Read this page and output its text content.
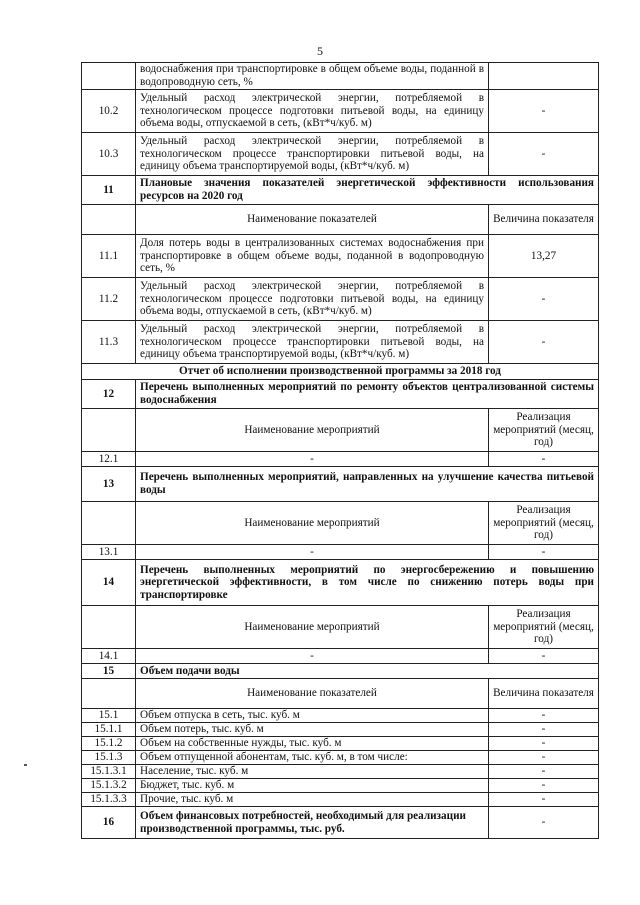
5
	водоснабжения при транспортировке в общем объеме воды, поданной в водопроводную сеть, %	
10.2	Удельный расход электрической энергии, потребляемой в технологическом процессе подготовки питьевой воды, на единицу объема воды, отпускаемой в сеть, (кВт*ч/куб. м)	-
10.3	Удельный расход электрической энергии, потребляемой в технологическом процессе транспортировки питьевой воды, на единицу объема транспортируемой воды, (кВт*ч/куб. м)	-
11	Плановые значения показателей энергетической эффективности использования ресурсов на 2020 год	
	Наименование показателей	Величина показателя
11.1	Доля потерь воды в централизованных системах водоснабжения при транспортировке в общем объеме воды, поданной в водопроводную сеть, %	13,27
11.2	Удельный расход электрической энергии, потребляемой в технологическом процессе подготовки питьевой воды, на единицу объема воды, отпускаемой в сеть, (кВт*ч/куб. м)	-
11.3	Удельный расход электрической энергии, потребляемой в технологическом процессе транспортировки питьевой воды, на единицу объема транспортируемой воды, (кВт*ч/куб. м)	-
Отчет об исполнении производственной программы за 2018 год		
12	Перечень выполненных мероприятий по ремонту объектов централизованной системы водоснабжения	
	Наименование мероприятий	Реализация мероприятий (месяц, год)
12.1	-	-
13	Перечень выполненных мероприятий, направленных на улучшение качества питьевой воды	
	Наименование мероприятий	Реализация мероприятий (месяц, год)
13.1	-	-
14	Перечень выполненных мероприятий по энергосбережению и повышению энергетической эффективности, в том числе по снижению потерь воды при транспортировке	
	Наименование мероприятий	Реализация мероприятий (месяц, год)
14.1	-	-
15	Объем подачи воды	
	Наименование показателей	Величина показателя
15.1	Объем отпуска в сеть, тыс. куб. м	-
15.1.1	Объем потерь, тыс. куб. м	-
15.1.2	Объем на собственные нужды, тыс. куб. м	-
15.1.3	Объем отпущенной абонентам, тыс. куб. м, в том числе:	-
15.1.3.1	Население, тыс. куб. м	-
15.1.3.2	Бюджет, тыс. куб. м	-
15.1.3.3	Прочие, тыс. куб. м	-
16	Объем финансовых потребностей, необходимый для реализации производственной программы, тыс. руб.	-
